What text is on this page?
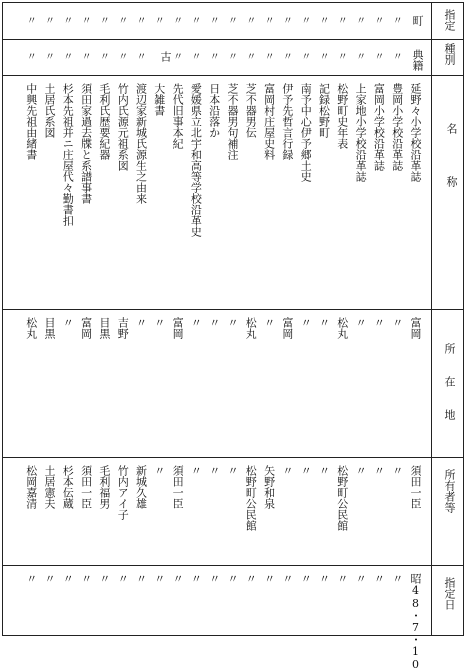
指定
種別
名称
所在地
所有者等
指定日
町
典籍
古
〃
〃
〃
〃
〃
〃
〃
〃
〃
〃
〃
〃
〃
〃
〃
〃
〃
〃
〃
〃
〃
〃
〃
〃
〃
〃
〃
〃
〃
〃
〃
〃
〃
〃
〃
〃
〃
〃
〃
〃
〃
延野々小学校沿革誌
富岡
須田一臣
昭48・7・10
豊岡小学校沿革誌
〃
〃
〃
富岡小学校沿革誌
〃
〃
〃
上家地小学校沿革誌
〃
〃
〃
松野町史年表
松丸
松野町公民館
〃
記録松野町
〃
〃
〃
南予中心伊予郷土史
〃
〃
〃
伊予先哲言行録
富岡
〃
〃
富岡村庄屋史料
〃
矢野和泉
〃
芝不器男伝
松丸
松野町公民館
〃
芝不器男句補注
〃
〃
〃
日本沿落か
〃
〃
〃
愛媛県立北宇和高等学校沿革史
〃
〃
〃
先代旧事本紀
富岡
須田一臣
〃
大雑書
〃
〃
〃
渡辺家新城氏源生之由来
〃
新城久雄
〃
竹内氏源元祖系図
吉野
竹内アイ子
〃
毛利氏歴要紀器
目黒
毛利福男
〃
須田家過去牒と系譜事書
富岡
須田一臣
〃
杉本先祖并ニ庄屋代々勤書扣
〃
杉本伝蔵
〃
土居氏系図
目黒
土居憲夫
〃
中興先祖由緒書
松丸
松岡嘉清
〃
